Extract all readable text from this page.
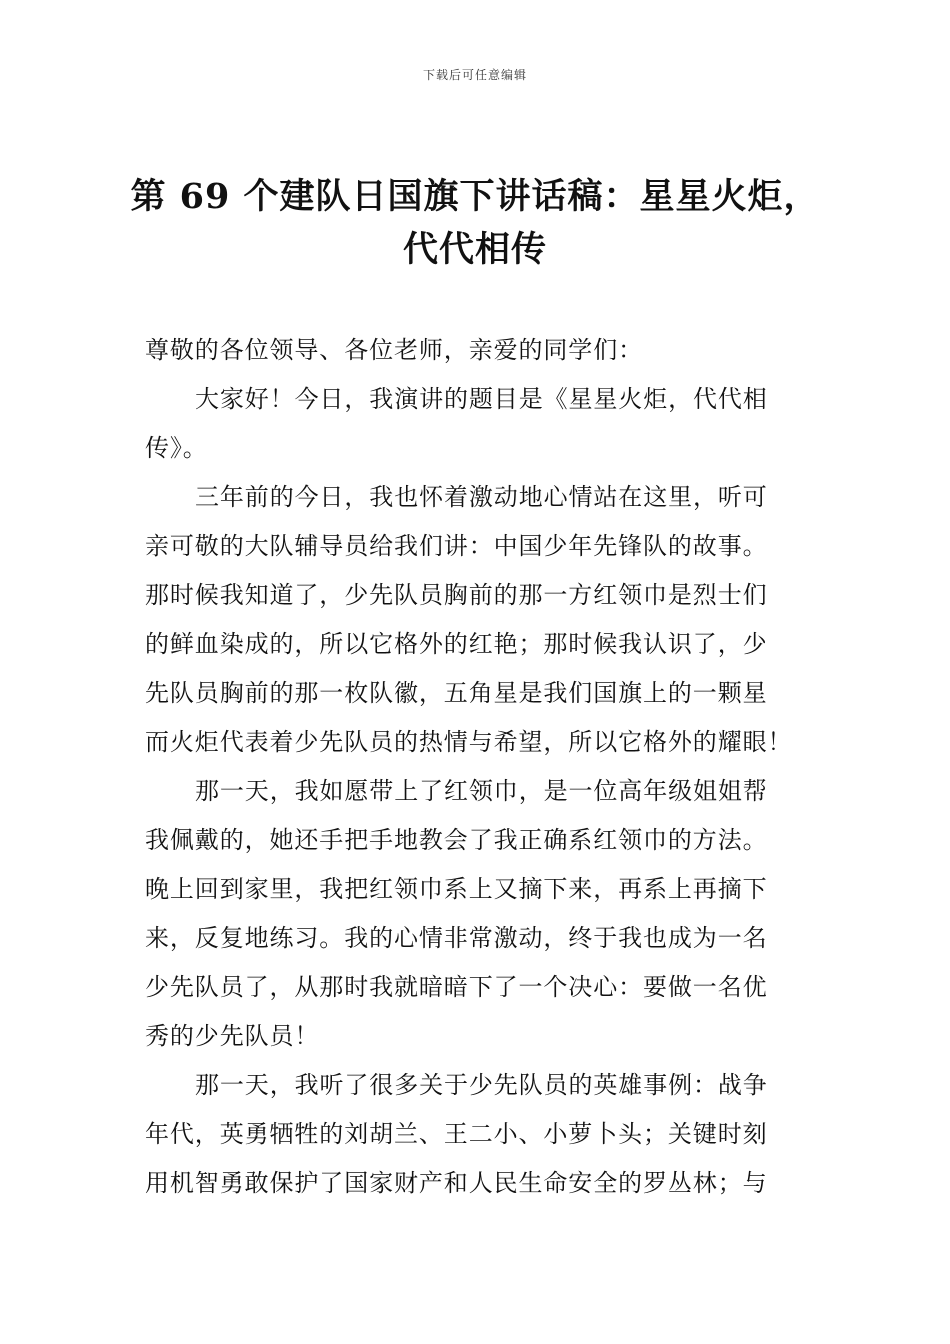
下载后可任意编辑
第 69 个建队日国旗下讲话稿：星星火炬，
代代相传
尊敬的各位领导、各位老师，亲爱的同学们：
大家好！今日，我演讲的题目是《星星火炬，代代相
传》。
三年前的今日，我也怀着激动地心情站在这里，听可
亲可敬的大队辅导员给我们讲：中国少年先锋队的故事。
那时候我知道了，少先队员胸前的那一方红领巾是烈士们
的鲜血染成的，所以它格外的红艳；那时候我认识了，少
先队员胸前的那一枚队徽，五角星是我们国旗上的一颗星
而火炬代表着少先队员的热情与希望，所以它格外的耀眼！
那一天，我如愿带上了红领巾，是一位高年级姐姐帮
我佩戴的，她还手把手地教会了我正确系红领巾的方法。
晚上回到家里，我把红领巾系上又摘下来，再系上再摘下
来，反复地练习。我的心情非常激动，终于我也成为一名
少先队员了，从那时我就暗暗下了一个决心：要做一名优
秀的少先队员！
那一天，我听了很多关于少先队员的英雄事例：战争
年代，英勇牺牲的刘胡兰、王二小、小萝卜头；关键时刻
用机智勇敢保护了国家财产和人民生命安全的罗丛林；与
